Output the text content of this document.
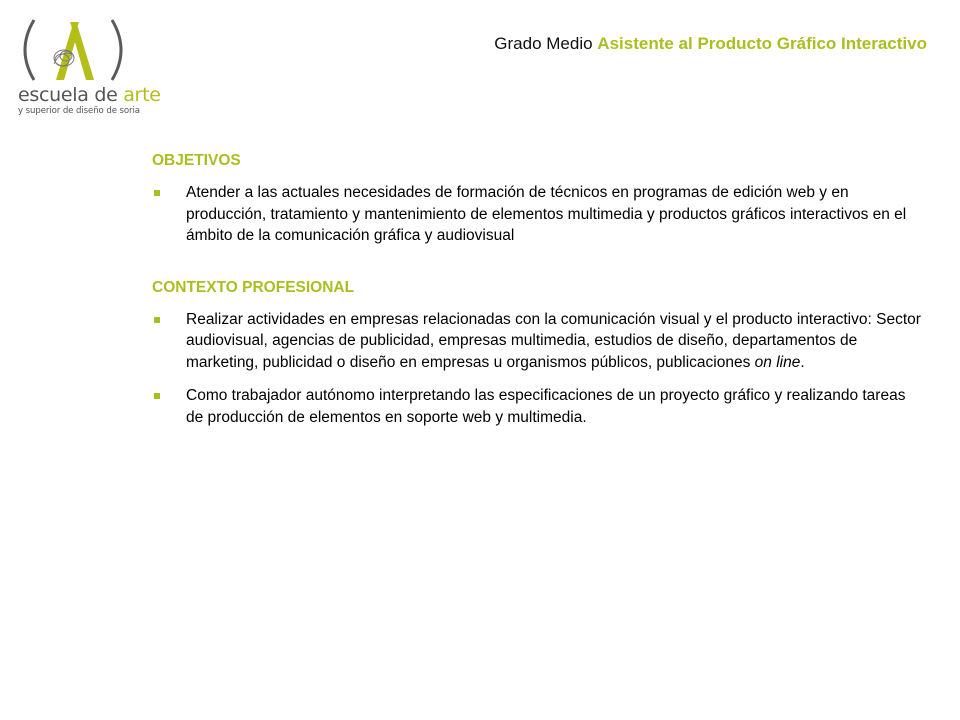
escuela de arte
y superior de diseño de soria
Grado Medio Asistente al Producto Gráfico Interactivo
OBJETIVOS
Atender a las actuales necesidades de formación de técnicos en programas de edición web y en producción, tratamiento y mantenimiento de elementos multimedia y productos gráficos interactivos en el ámbito de la comunicación gráfica y audiovisual
CONTEXTO PROFESIONAL
Realizar actividades en empresas relacionadas con la comunicación visual y el producto interactivo: Sector audiovisual, agencias de publicidad, empresas multimedia, estudios de diseño, departamentos de marketing, publicidad o diseño en empresas u organismos públicos, publicaciones on line.
Como trabajador autónomo interpretando las especificaciones de un proyecto gráfico y realizando tareas de producción de elementos en soporte web y multimedia.
